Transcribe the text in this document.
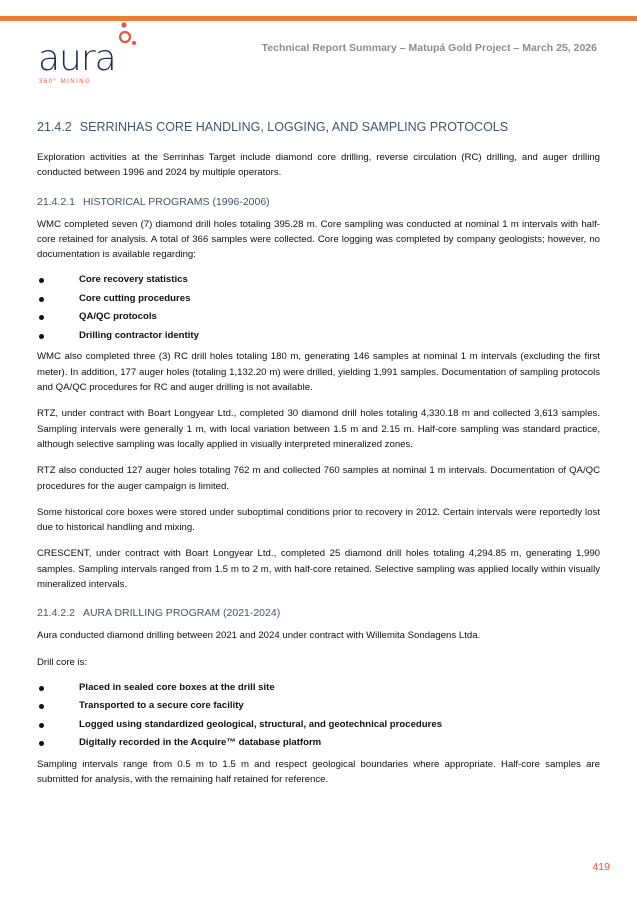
aura
360° MINING
Technical Report Summary – Matupá Gold Project – March 25, 2026
21.4.2 SERRINHAS CORE HANDLING, LOGGING, AND SAMPLING PROTOCOLS
Exploration activities at the Serrinhas Target include diamond core drilling, reverse circulation (RC) drilling, and auger drilling conducted between 1996 and 2024 by multiple operators.
21.4.2.1 HISTORICAL PROGRAMS (1996-2006)
WMC completed seven (7) diamond drill holes totaling 395.28 m. Core sampling was conducted at nominal 1 m intervals with half-core retained for analysis. A total of 366 samples were collected. Core logging was completed by company geologists; however, no documentation is available regarding:
Core recovery statistics
Core cutting procedures
QA/QC protocols
Drilling contractor identity
WMC also completed three (3) RC drill holes totaling 180 m, generating 146 samples at nominal 1 m intervals (excluding the first meter). In addition, 177 auger holes (totaling 1,132.20 m) were drilled, yielding 1,991 samples. Documentation of sampling protocols and QA/QC procedures for RC and auger drilling is not available.
RTZ, under contract with Boart Longyear Ltd., completed 30 diamond drill holes totaling 4,330.18 m and collected 3,613 samples. Sampling intervals were generally 1 m, with local variation between 1.5 m and 2.15 m. Half-core sampling was standard practice, although selective sampling was locally applied in visually interpreted mineralized zones.
RTZ also conducted 127 auger holes totaling 762 m and collected 760 samples at nominal 1 m intervals. Documentation of QA/QC procedures for the auger campaign is limited.
Some historical core boxes were stored under suboptimal conditions prior to recovery in 2012. Certain intervals were reportedly lost due to historical handling and mixing.
CRESCENT, under contract with Boart Longyear Ltd., completed 25 diamond drill holes totaling 4,294.85 m, generating 1,990 samples. Sampling intervals ranged from 1.5 m to 2 m, with half-core retained. Selective sampling was applied locally within visually mineralized intervals.
21.4.2.2 AURA DRILLING PROGRAM (2021-2024)
Aura conducted diamond drilling between 2021 and 2024 under contract with Willemita Sondagens Ltda.
Drill core is:
Placed in sealed core boxes at the drill site
Transported to a secure core facility
Logged using standardized geological, structural, and geotechnical procedures
Digitally recorded in the Acquire™ database platform
Sampling intervals range from 0.5 m to 1.5 m and respect geological boundaries where appropriate. Half-core samples are submitted for analysis, with the remaining half retained for reference.
419
